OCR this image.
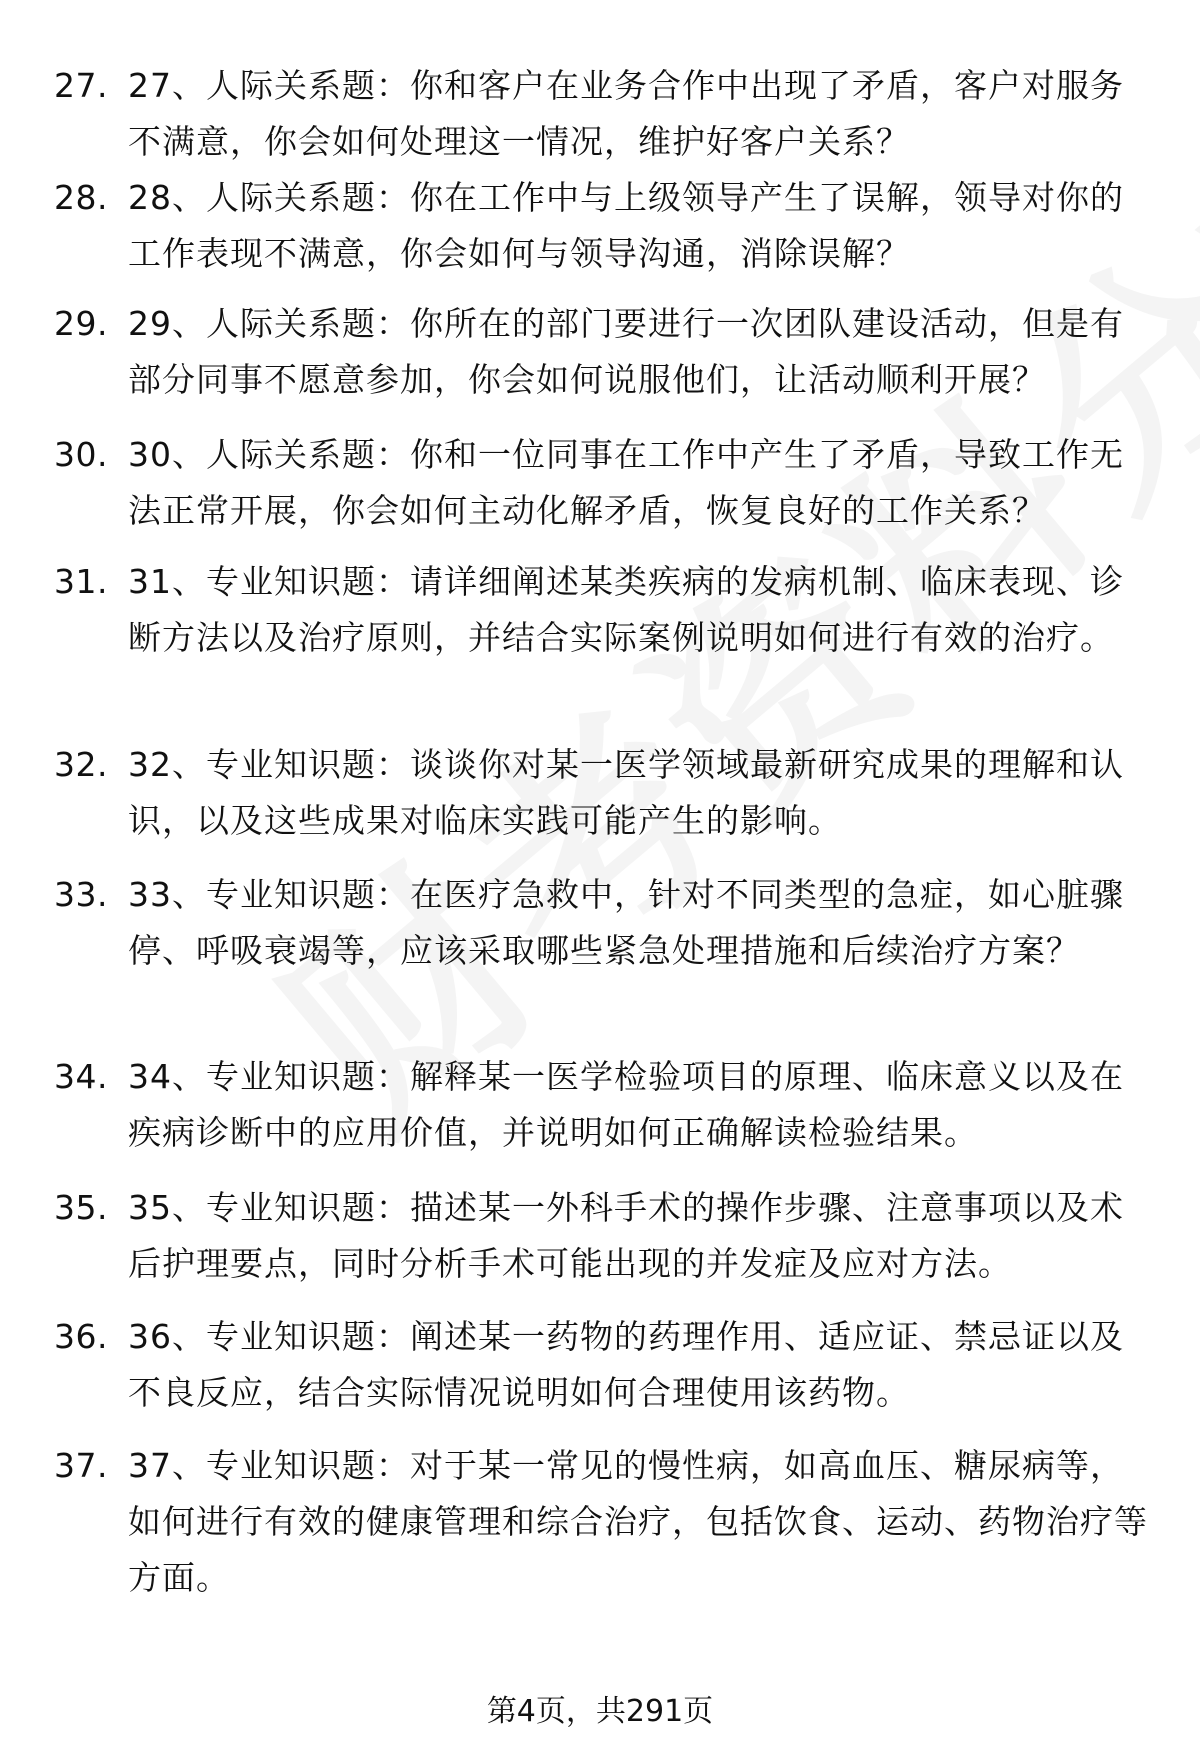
27. 27、人际关系题：你和客户在业务合作中出现了矛盾，客户对服务不满意，你会如何处理这一情况，维护好客户关系？
28. 28、人际关系题：你在工作中与上级领导产生了误解，领导对你的工作表现不满意，你会如何与领导沟通，消除误解？
29. 29、人际关系题：你所在的部门要进行一次团队建设活动，但是有部分同事不愿意参加，你会如何说服他们，让活动顺利开展？
30. 30、人际关系题：你和一位同事在工作中产生了矛盾，导致工作无法正常开展，你会如何主动化解矛盾，恢复良好的工作关系？
31. 31、专业知识题：请详细阐述某类疾病的发病机制、临床表现、诊断方法以及治疗原则，并结合实际案例说明如何进行有效的治疗。
32. 32、专业知识题：谈谈你对某一医学领域最新研究成果的理解和认识，以及这些成果对临床实践可能产生的影响。
33. 33、专业知识题：在医疗急救中，针对不同类型的急症，如心脏骤停、呼吸衰竭等，应该采取哪些紧急处理措施和后续治疗方案？
34. 34、专业知识题：解释某一医学检验项目的原理、临床意义以及在疾病诊断中的应用价值，并说明如何正确解读检验结果。
35. 35、专业知识题：描述某一外科手术的操作步骤、注意事项以及术后护理要点，同时分析手术可能出现的并发症及应对方法。
36. 36、专业知识题：阐述某一药物的药理作用、适应证、禁忌证以及不良反应，结合实际情况说明如何合理使用该药物。
37. 37、专业知识题：对于某一常见的慢性病，如高血压、糖尿病等，如何进行有效的健康管理和综合治疗，包括饮食、运动、药物治疗等方面。
第4页，共291页
